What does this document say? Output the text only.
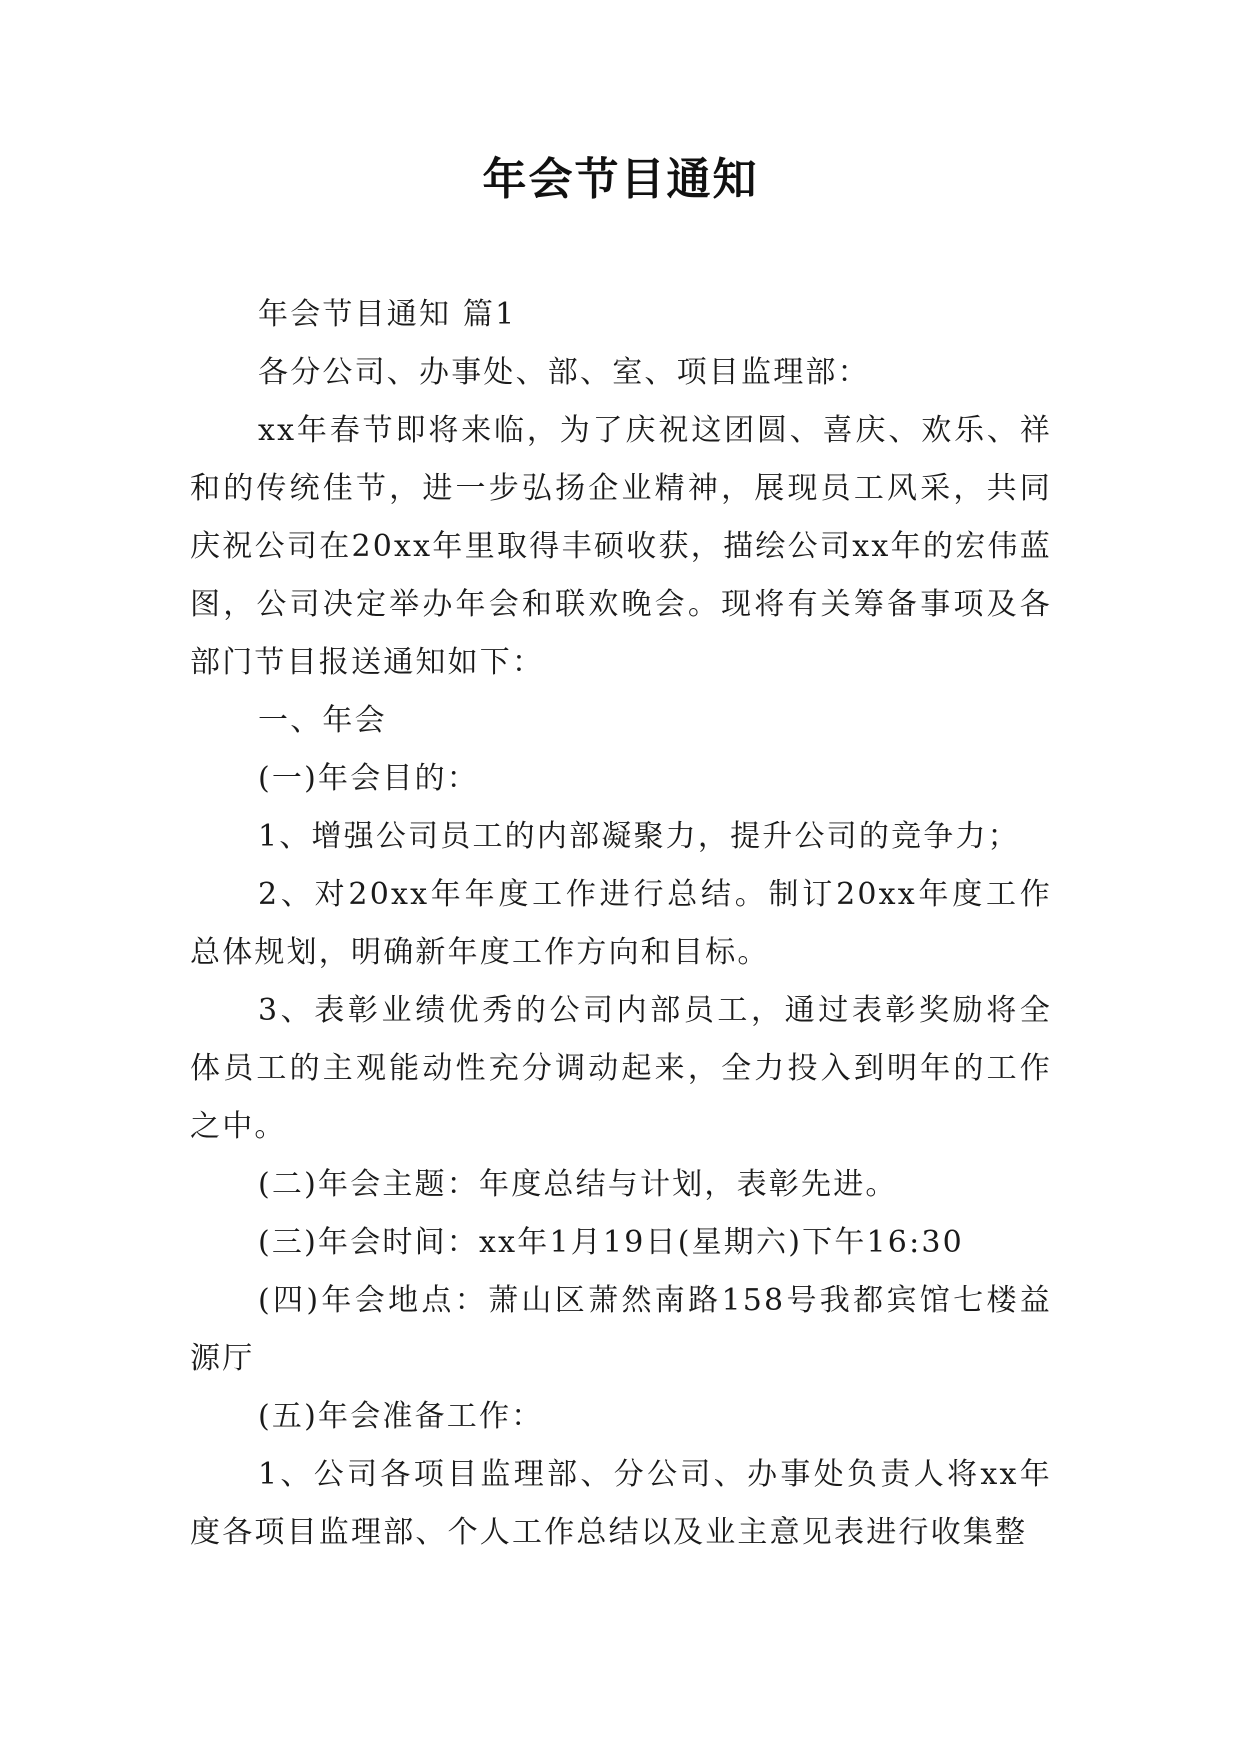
年会节目通知

年会节目通知 篇1

各分公司、办事处、部、室、项目监理部：

xx年春节即将来临，为了庆祝这团圆、喜庆、欢乐、祥和的传统佳节，进一步弘扬企业精神，展现员工风采，共同庆祝公司在20xx年里取得丰硕收获，描绘公司xx年的宏伟蓝图，公司决定举办年会和联欢晚会。现将有关筹备事项及各部门节目报送通知如下：

一、年会

(一)年会目的：

1、增强公司员工的内部凝聚力，提升公司的竞争力；

2、对20xx年年度工作进行总结。制订20xx年度工作总体规划，明确新年度工作方向和目标。

3、表彰业绩优秀的公司内部员工，通过表彰奖励将全体员工的主观能动性充分调动起来，全力投入到明年的工作之中。

(二)年会主题：年度总结与计划，表彰先进。

(三)年会时间：xx年1月19日(星期六)下午16:30

(四)年会地点：萧山区萧然南路158号我都宾馆七楼益源厅

(五)年会准备工作：

1、公司各项目监理部、分公司、办事处负责人将xx年度各项目监理部、个人工作总结以及业主意见表进行收集整
